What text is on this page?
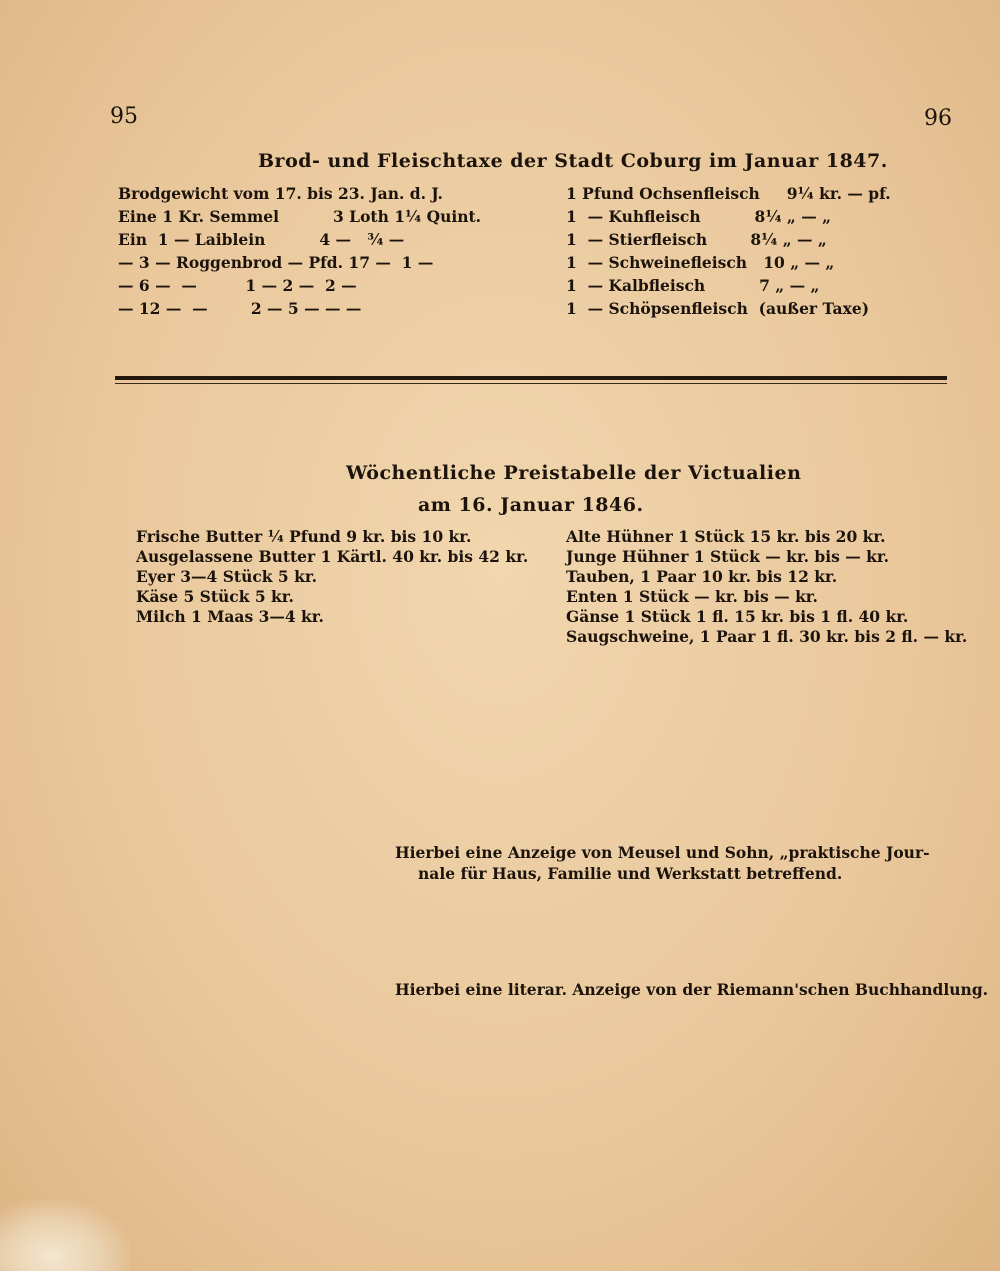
95	96
Brod- und Fleischtaxe der Stadt Coburg im Januar 1847.
Brodgewicht vom 17. bis 23. Jan. d. J.
Eine 1 Kr. Semmel          3 Loth 1¼ Quint.
Ein  1 — Laiblein          4 —   ¾ —
— 3 — Roggenbrod — Pfd. 17 —  1 —
— 6 —  —         1 — 2 —  2 —
— 12 —  —        2 — 5 — — —
1 Pfund Ochsenfleisch     9¼ kr. — pf.
1  — Kuhfleisch          8¼ „ — „
1  — Stierfleisch        8¼ „ — „
1  — Schweinefleisch   10 „ — „
1  — Kalbfleisch          7 „ — „
1  — Schöpsenfleisch  (außer Taxe)
Wöchentliche Preistabelle der Victualien
am 16. Januar 1846.
Frische Butter ¼ Pfund 9 kr. bis 10 kr.
Ausgelassene Butter 1 Kärtl. 40 kr. bis 42 kr.
Eyer 3—4 Stück 5 kr.
Käse 5 Stück 5 kr.
Milch 1 Maas 3—4 kr.
Alte Hühner 1 Stück 15 kr. bis 20 kr.
Junge Hühner 1 Stück — kr. bis — kr.
Tauben, 1 Paar 10 kr. bis 12 kr.
Enten 1 Stück — kr. bis — kr.
Gänse 1 Stück 1 fl. 15 kr. bis 1 fl. 40 kr.
Saugschweine, 1 Paar 1 fl. 30 kr. bis 2 fl. — kr.
Hierbei eine Anzeige von Meusel und Sohn, „praktische Jour-
nale für Haus, Familie und Werkstatt betreffend.
Hierbei eine literar. Anzeige von der Riemann'schen Buchhandlung.
